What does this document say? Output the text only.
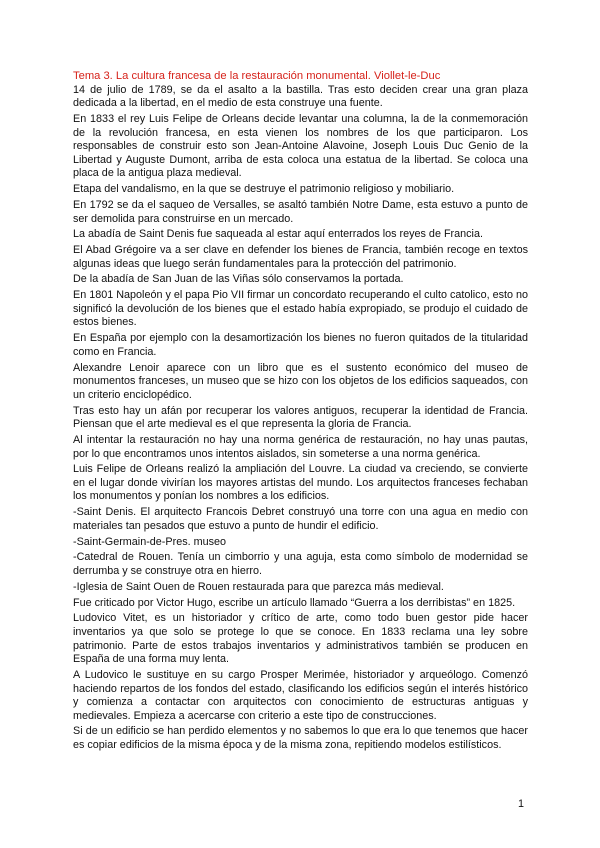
Tema 3. La cultura francesa de la restauración monumental. Viollet-le-Duc

14 de julio de 1789, se da el asalto a la bastilla. Tras esto deciden crear una gran plaza dedicada a la libertad, en el medio de esta construye una fuente.

En 1833 el rey Luis Felipe de Orleans decide levantar una columna, la de la conmemoración de la revolución francesa, en esta vienen los nombres de los que participaron. Los responsables de construir esto son Jean-Antoine Alavoine, Joseph Louis Duc Genio de la Libertad y Auguste Dumont, arriba de esta coloca una estatua de la libertad. Se coloca una placa de la antigua plaza medieval.

Etapa del vandalismo, en la que se destruye el patrimonio religioso y mobiliario.

En 1792 se da el saqueo de Versalles, se asaltó también Notre Dame, esta estuvo a punto de ser demolida para construirse en un mercado.

La abadía de Saint Denis fue saqueada al estar aquí enterrados los reyes de Francia.

El Abad Grégoire va a ser clave en defender los bienes de Francia, también recoge en textos algunas ideas que luego serán fundamentales para la protección del patrimonio.

De la abadía de San Juan de las Viñas sólo conservamos la portada.

En 1801 Napoleón y el papa Pio VII firmar un concordato recuperando el culto catolico, esto no significó la devolución de los bienes que el estado había expropiado, se produjo el cuidado de estos bienes.

En España por ejemplo con la desamortización los bienes no fueron quitados de la titularidad como en Francia.

Alexandre Lenoir aparece con un libro que es el sustento económico del museo de monumentos franceses, un museo que se hizo con los objetos de los edificios saqueados, con un criterio enciclopédico.

Tras esto hay un afán por recuperar los valores antiguos, recuperar la identidad de Francia. Piensan que el arte medieval es el que representa la gloria de Francia.

Al intentar la restauración no hay una norma genérica de restauración, no hay unas pautas, por lo que encontramos unos intentos aislados, sin someterse a una norma genérica.

Luis Felipe de Orleans realizó la ampliación del Louvre. La ciudad va creciendo, se convierte en el lugar donde vivirían los mayores artistas del mundo. Los arquitectos franceses fechaban los monumentos y ponían los nombres a los edificios.

-Saint Denis. El arquitecto Francois Debret construyó una torre con una agua en medio con materiales tan pesados que estuvo a punto de hundir el edificio.

-Saint-Germain-de-Pres. museo

-Catedral de Rouen. Tenía un cimborrio y una aguja, esta como símbolo de modernidad se derrumba y se construye otra en hierro.

-Iglesia de Saint Ouen de Rouen restaurada para que parezca más medieval.

Fue criticado por Victor Hugo, escribe un artículo llamado “Guerra a los derribistas” en 1825.

Ludovico Vitet, es un historiador y crítico de arte, como todo buen gestor pide hacer inventarios ya que solo se protege lo que se conoce. En 1833 reclama una ley sobre patrimonio. Parte de estos trabajos inventarios y administrativos también se producen en España de una forma muy lenta.

A Ludovico le sustituye en su cargo Prosper Merimée, historiador y arqueólogo. Comenzó haciendo repartos de los fondos del estado, clasificando los edificios según el interés histórico y comienza a contactar con arquitectos con conocimiento de estructuras antiguas y medievales. Empieza a acercarse con criterio a este tipo de construcciones.

Si de un edificio se han perdido elementos y no sabemos lo que era lo que tenemos que hacer es copiar edificios de la misma época y de la misma zona, repitiendo modelos estilísticos.

1
